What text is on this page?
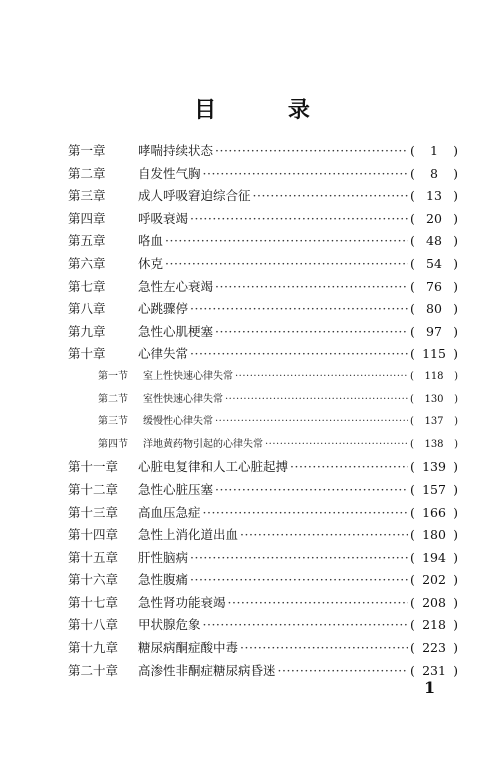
目 录
第一章	哮喘持续状态 ·····	(	1	)
第二章	自发性气胸 ·····	(	8	)
第三章	成人呼吸窘迫综合征 ·····	( 13 )
第四章	呼吸衰竭 ·····	( 20 )
第五章	咯血 ·····	( 48 )
第六章	休克 ·····	( 54 )
第七章	急性左心衰竭 ·····	( 76 )
第八章	心跳骤停 ·····	( 80 )
第九章	急性心肌梗塞 ·····	( 97 )
第十章	心律失常 ·····	( 115 )
第一节	室上性快速心律失常 ·····	(	118	)
第二节	室性快速心律失常 ·····	(	130	)
第三节	缓慢性心律失常 ·····	(	137	)
第四节	洋地黄药物引起的心律失常 ·····	(	138	)
第十一章	心脏电复律和人工心脏起搏 ·····	( 139 )
第十二章	急性心脏压塞 ·····	( 157 )
第十三章	高血压急症 ·····	( 166 )
第十四章	急性上消化道出血 ·····	( 180 )
第十五章	肝性脑病 ·····	( 194 )
第十六章	急性腹痛 ·····	( 202 )
第十七章	急性肾功能衰竭 ·····	( 208 )
第十八章	甲状腺危象 ·····	( 218 )
第十九章	糖尿病酮症酸中毒 ·····	( 223 )
第二十章	高渗性非酮症糖尿病昏迷 ·····	( 231 )
1
